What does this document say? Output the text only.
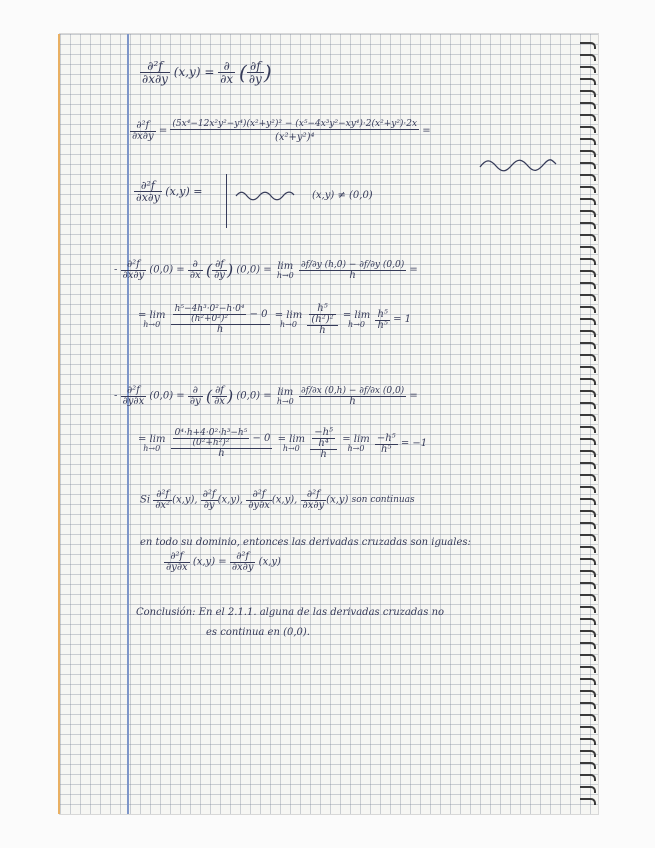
$\frac{\text{∂²f}}{\partial x\partial y} (x,y) = \frac{\partial}{\partial x}$ ( $\frac{\partial f}{\partial y}$ )
$\frac{\text{∂²f}}{\partial x\partial y} = \frac{\text{(5x⁴−12x²y²−y⁴)(x²+y²)² − (x⁵−4x³y²−xy⁴)·2(x²+y²)·2x}}{\text{(x²+y²)⁴}}$ =
$\frac{\text{∂²f}}{\partial x\partial y} (x,y)$ =	(x,y) ≠ (0,0)
- $\frac{\text{∂²f}}{\partial x\partial y} (0,0) = \frac{\partial}{\partial x}$ ( $\frac{\partial f}{\partial y}$ ) (0,0) = lim
h→0
$\frac{\partial f/\partial y (h,0) - \partial f/\partial y (0,0)}{h}$ =
= lim
h→0
	$\frac{\frac{\text{h⁵−4h³·0²−h·0⁴}}{\text{(h²+0²)²}} - 0}{h}$
= lim
h→0
	$\frac{\frac{\text{h⁵}}{\text{(h²)²}}}{h}$
= lim
h→0
	$\frac{\text{h⁵}}{\text{h⁵}} = 1$
- $\frac{\text{∂²f}}{\partial y\partial x} (0,0) = \frac{\partial}{\partial y}$ ( $\frac{\partial f}{\partial x}$ ) (0,0) = lim
h→0
$\frac{\partial f/\partial x (0,h) - \partial f/\partial x (0,0)}{h}$ =
= lim
h→0
	$\frac{\frac{\text{0⁴·h+4·0²·h³−h⁵}}{\text{(0²+h²)²}} - 0}{h}$
= lim
h→0
	$\frac{\frac{\text{−h⁵}}{\text{h⁴}}}{h}$
= lim
h→0
	$\frac{\text{−h⁵}}{\text{h⁵}} = -1$
Si $\frac{\text{∂²f}}{\text{∂x²}} (x,y)$, $\frac{\text{∂²f}}{\partial y} (x,y)$, $\frac{\text{∂²f}}{\partial y\partial x} (x,y)$, $\frac{\text{∂²f}}{\partial x\partial y} (x,y)$ son continuas
en todo su dominio, entonces las derivadas cruzadas son iguales:
$\frac{\text{∂²f}}{\partial y\partial x} (x,y) = \frac{\text{∂²f}}{\partial x\partial y} (x,y)$
Conclusión: En el 2.1.1. alguna de las derivadas cruzadas no
es continua en (0,0).
